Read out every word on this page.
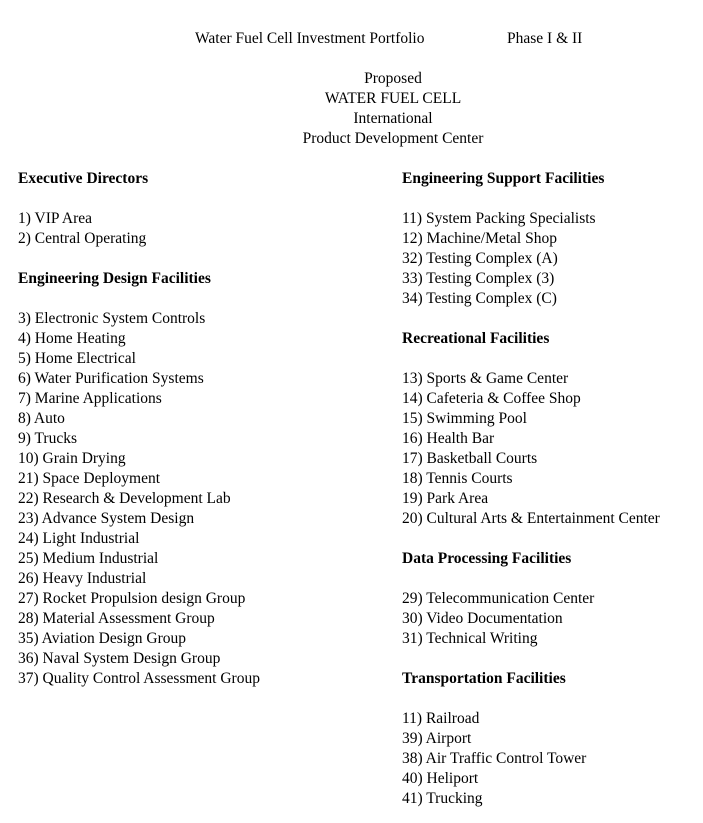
Water Fuel Cell Investment Portfolio	Phase I & II
Proposed
WATER FUEL CELL
International
Product Development Center
Executive Directors
1) VIP Area
2) Central Operating
Engineering Design Facilities
3) Electronic System Controls
4) Home Heating
5) Home Electrical
6) Water Purification Systems
7) Marine Applications
8) Auto
9) Trucks
10) Grain Drying
21) Space Deployment
22) Research & Development Lab
23) Advance System Design
24) Light Industrial
25) Medium Industrial
26) Heavy Industrial
27) Rocket Propulsion design Group
28) Material Assessment Group
35) Aviation Design Group
36) Naval System Design Group
37) Quality Control Assessment Group
Engineering Support Facilities
11) System Packing Specialists
12) Machine/Metal Shop
32) Testing Complex (A)
33) Testing Complex (3)
34) Testing Complex (C)
Recreational Facilities
13) Sports & Game Center
14) Cafeteria & Coffee Shop
15) Swimming Pool
16) Health Bar
17) Basketball Courts
18) Tennis Courts
19) Park Area
20) Cultural Arts & Entertainment Center
Data Processing Facilities
29) Telecommunication Center
30) Video Documentation
31) Technical Writing
Transportation Facilities
11) Railroad
39) Airport
38) Air Traffic Control Tower
40) Heliport
41) Trucking
